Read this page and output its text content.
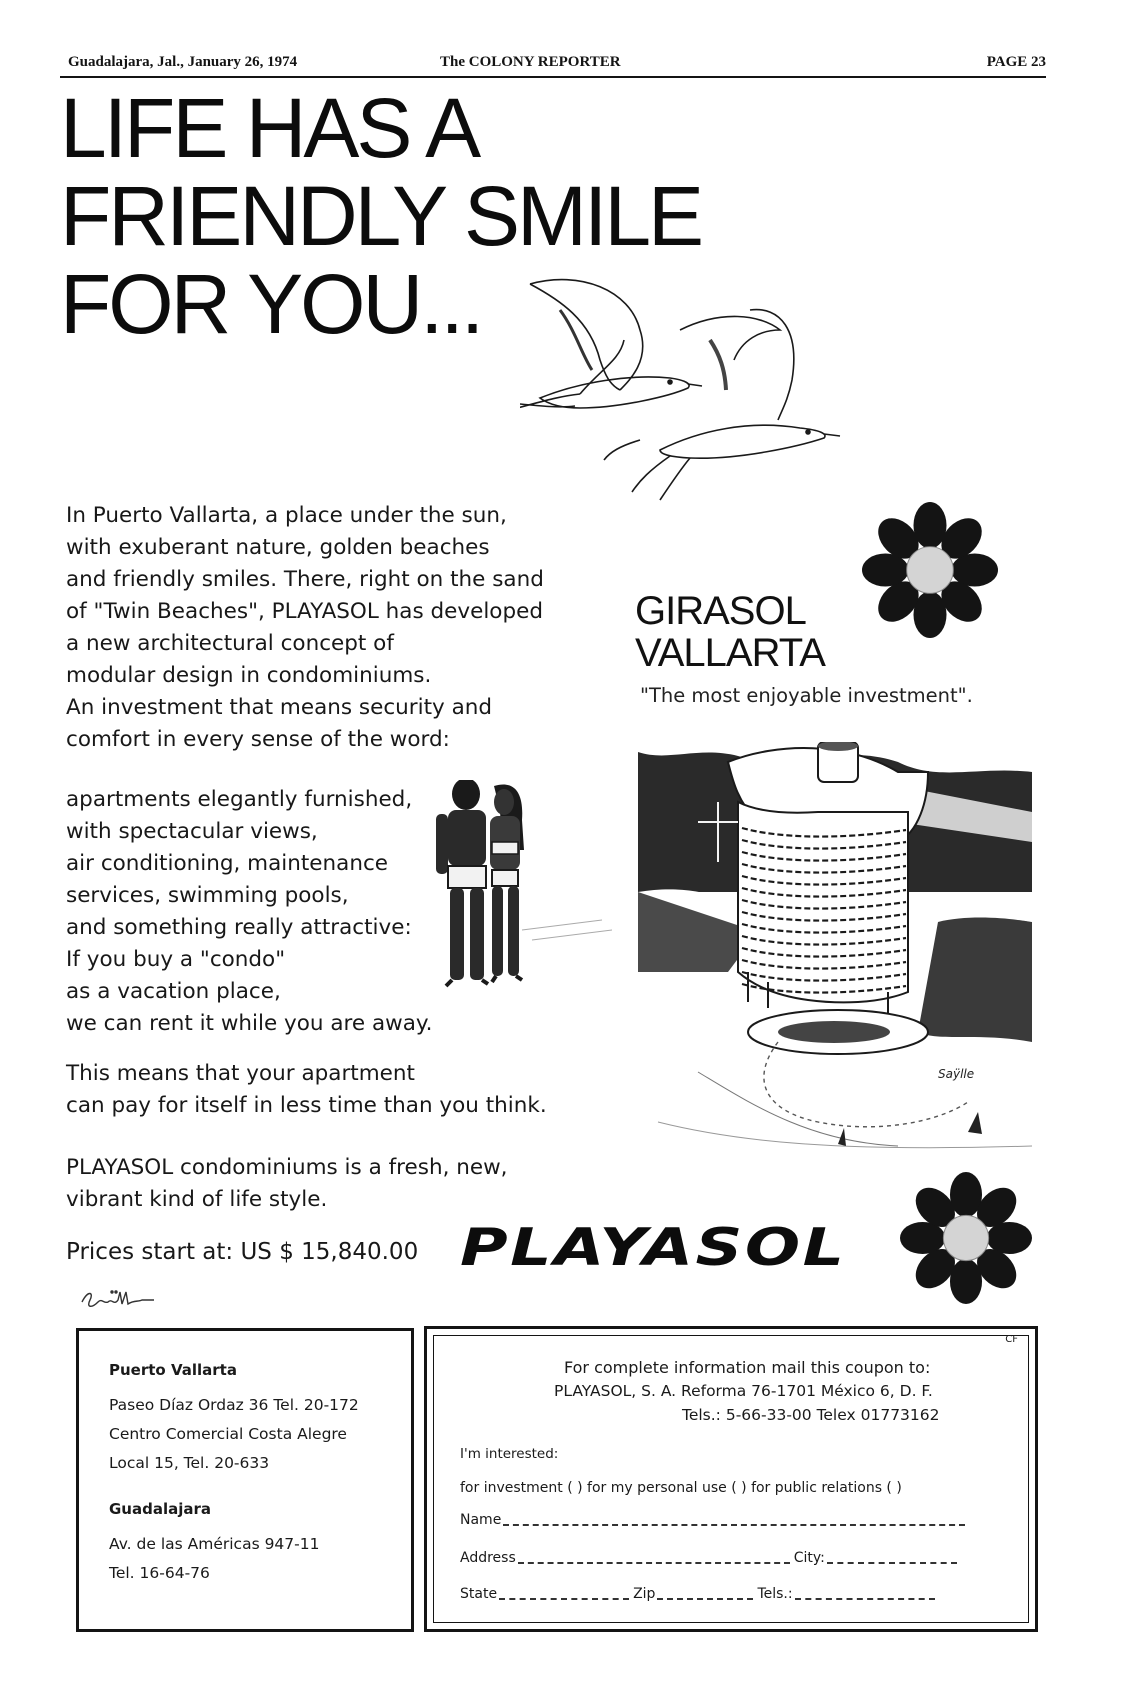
Guadalajara, Jal., January 26, 1974	The COLONY REPORTER	PAGE 23
LIFE HAS A
FRIENDLY SMILE
FOR YOU...
In Puerto Vallarta, a place under the sun,
with exuberant nature, golden beaches
and friendly smiles. There, right on the sand
of "Twin Beaches", PLAYASOL has developed
a new architectural concept of
modular design in condominiums.
An investment that means security and
comfort in every sense of the word:
apartments elegantly furnished,
with spectacular views,
air conditioning, maintenance
services, swimming pools,
and something really attractive:
If you buy a "condo"
as a vacation place,
we can rent it while you are away.
This means that your apartment
can pay for itself in less time than you think.
PLAYASOL condominiums is a fresh, new,
vibrant kind of life style.
Prices start at: US $ 15,840.00
GIRASOL
VALLARTA
"The most enjoyable investment".
Saÿlle
PLAYASOL
Puerto Vallarta
Paseo Díaz Ordaz 36 Tel. 20-172
Centro Comercial Costa Alegre
Local 15, Tel. 20-633
Guadalajara
Av. de las Américas 947-11
Tel. 16-64-76
CF
For complete information mail this coupon to:
PLAYASOL, S. A. Reforma 76-1701 México 6, D. F.
Tels.: 5-66-33-00 Telex 01773162
I'm interested:
for investment ( ) for my personal use ( ) for public relations ( )
Name
Address	City:
State	Zip	Tels.:
